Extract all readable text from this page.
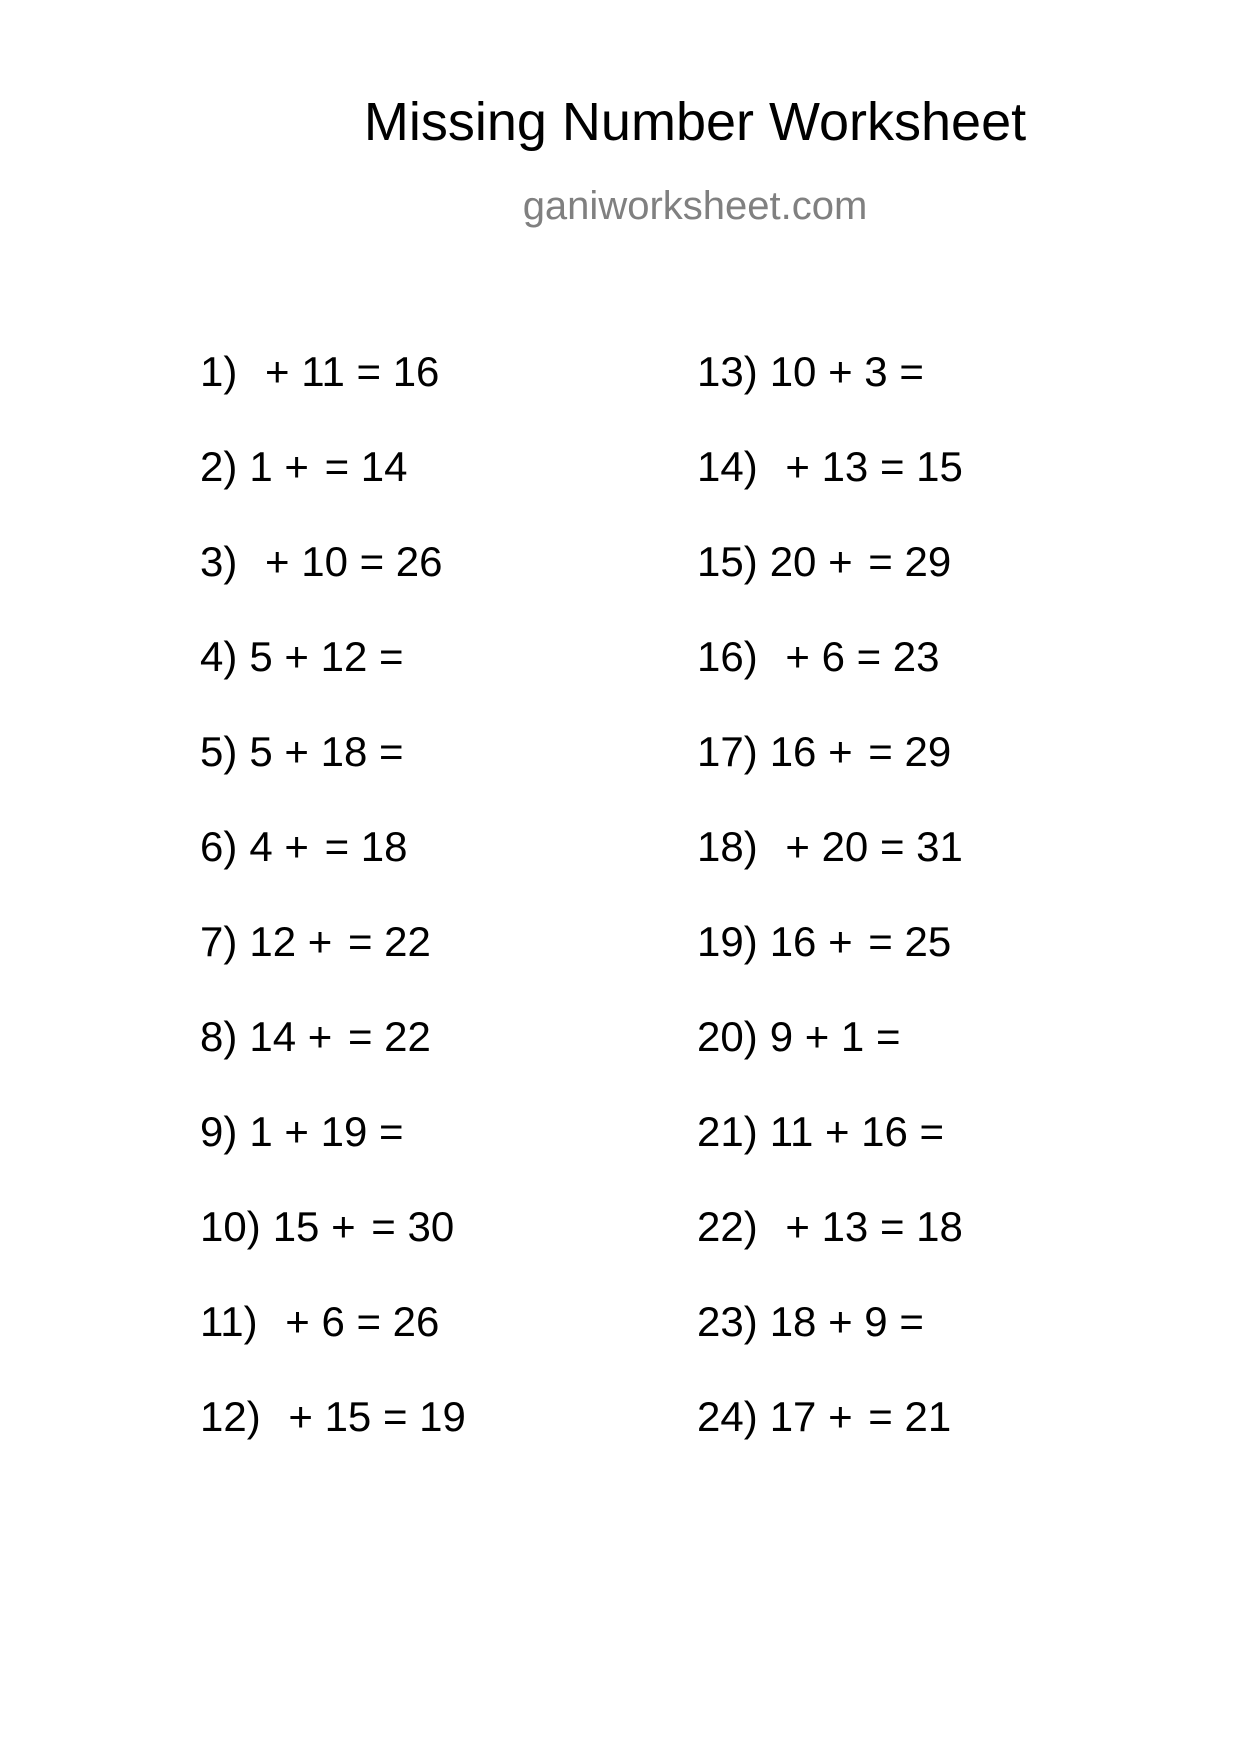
Missing Number Worksheet
ganiworksheet.com
1) + 11 = 16
2) 1 + = 14
3) + 10 = 26
4) 5 + 12 =
5) 5 + 18 =
6) 4 + = 18
7) 12 + = 22
8) 14 + = 22
9) 1 + 19 =
10) 15 + = 30
11) + 6 = 26
12) + 15 = 19
13) 10 + 3 =
14) + 13 = 15
15) 20 + = 29
16) + 6 = 23
17) 16 + = 29
18) + 20 = 31
19) 16 + = 25
20) 9 + 1 =
21) 11 + 16 =
22) + 13 = 18
23) 18 + 9 =
24) 17 + = 21
